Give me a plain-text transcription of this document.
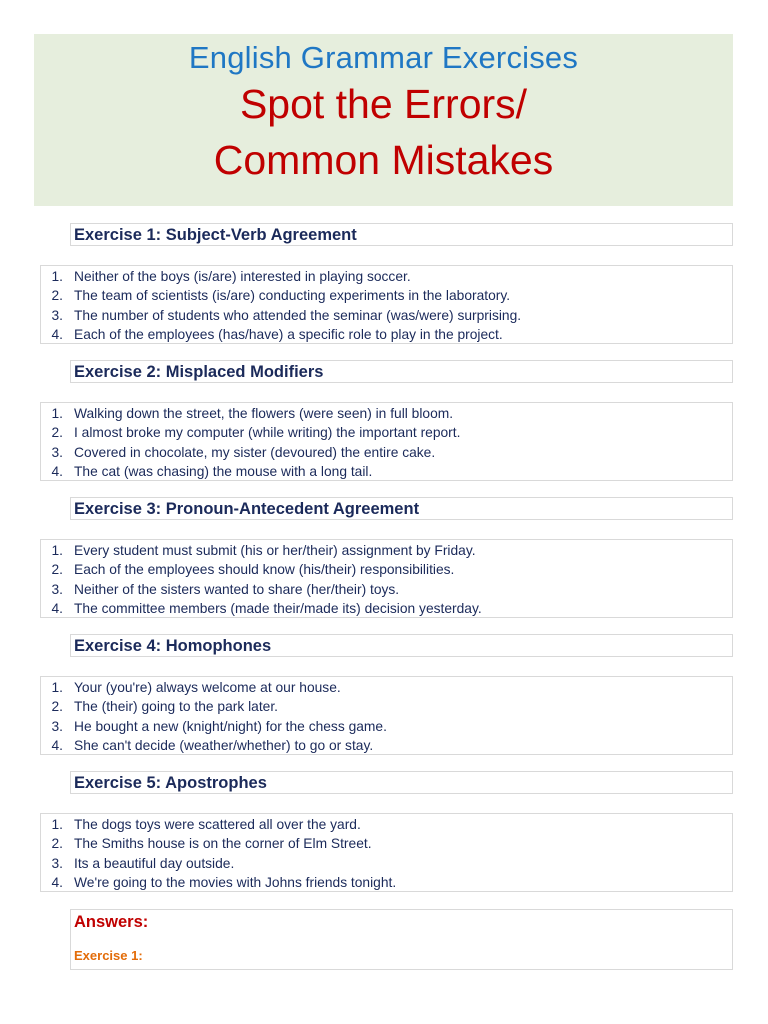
English Grammar Exercises
Spot the Errors/
Common Mistakes
Exercise 1: Subject-Verb Agreement
1. Neither of the boys (is/are) interested in playing soccer.
2. The team of scientists (is/are) conducting experiments in the laboratory.
3. The number of students who attended the seminar (was/were) surprising.
4. Each of the employees (has/have) a specific role to play in the project.
Exercise 2: Misplaced Modifiers
1. Walking down the street, the flowers (were seen) in full bloom.
2. I almost broke my computer (while writing) the important report.
3. Covered in chocolate, my sister (devoured) the entire cake.
4. The cat (was chasing) the mouse with a long tail.
Exercise 3: Pronoun-Antecedent Agreement
1. Every student must submit (his or her/their) assignment by Friday.
2. Each of the employees should know (his/their) responsibilities.
3. Neither of the sisters wanted to share (her/their) toys.
4. The committee members (made their/made its) decision yesterday.
Exercise 4: Homophones
1. Your (you're) always welcome at our house.
2. The (their) going to the park later.
3. He bought a new (knight/night) for the chess game.
4. She can't decide (weather/whether) to go or stay.
Exercise 5: Apostrophes
1. The dogs toys were scattered all over the yard.
2. The Smiths house is on the corner of Elm Street.
3. Its a beautiful day outside.
4. We're going to the movies with Johns friends tonight.
Answers:
Exercise 1:
